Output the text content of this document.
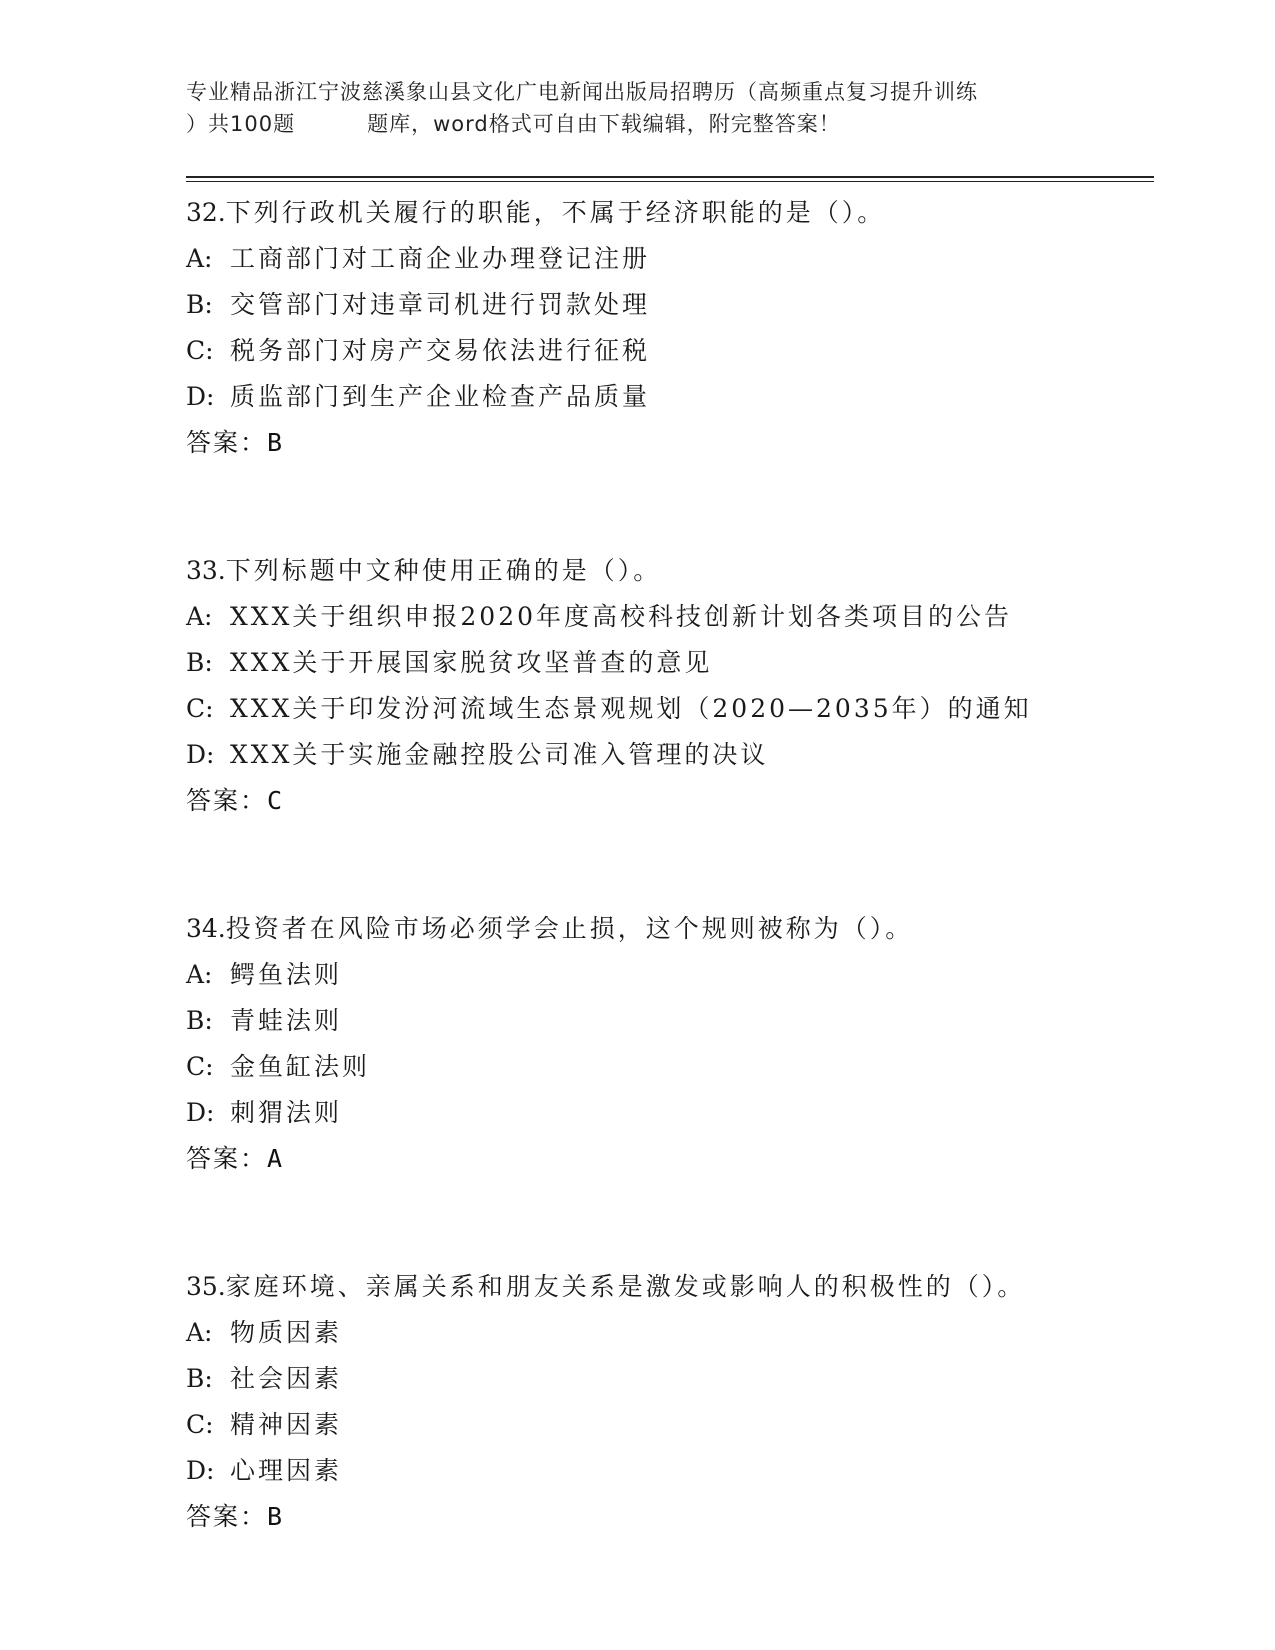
专业精品浙江宁波慈溪象山县文化广电新闻出版局招聘历（高频重点复习提升训练
）共100题	题库，word格式可自由下载编辑，附完整答案！
32.下列行政机关履行的职能，不属于经济职能的是（）。
A: 工商部门对工商企业办理登记注册
B: 交管部门对违章司机进行罚款处理
C: 税务部门对房产交易依法进行征税
D: 质监部门到生产企业检查产品质量
答案：B
33.下列标题中文种使用正确的是（）。
A: XXX关于组织申报2020年度高校科技创新计划各类项目的公告
B: XXX关于开展国家脱贫攻坚普查的意见
C: XXX关于印发汾河流域生态景观规划（2020—2035年）的通知
D: XXX关于实施金融控股公司准入管理的决议
答案：C
34.投资者在风险市场必须学会止损，这个规则被称为（）。
A: 鳄鱼法则
B: 青蛙法则
C: 金鱼缸法则
D: 刺猬法则
答案：A
35.家庭环境、亲属关系和朋友关系是激发或影响人的积极性的（）。
A: 物质因素
B: 社会因素
C: 精神因素
D: 心理因素
答案：B
